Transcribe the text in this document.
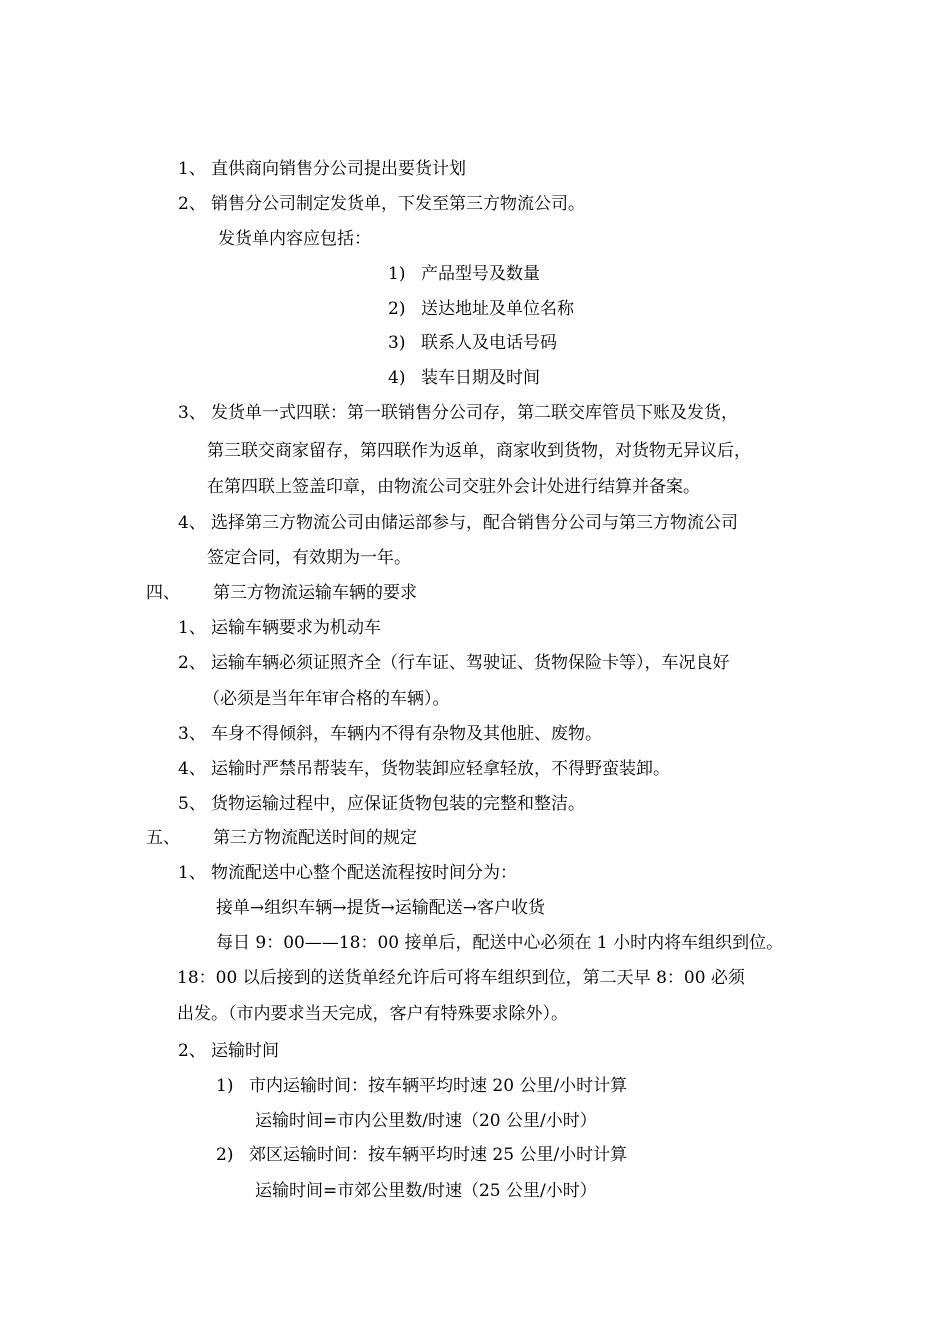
1、 直供商向销售分公司提出要货计划
2、 销售分公司制定发货单，下发至第三方物流公司。
发货单内容应包括：
1) 产品型号及数量
2) 送达地址及单位名称
3) 联系人及电话号码
4) 装车日期及时间
3、 发货单一式四联：第一联销售分公司存，第二联交库管员下账及发货，
第三联交商家留存，第四联作为返单，商家收到货物，对货物无异议后，
在第四联上签盖印章，由物流公司交驻外会计处进行结算并备案。
4、 选择第三方物流公司由储运部参与，配合销售分公司与第三方物流公司
签定合同，有效期为一年。
四、 第三方物流运输车辆的要求
1、 运输车辆要求为机动车
2、 运输车辆必须证照齐全（行车证、驾驶证、货物保险卡等），车况良好
（必须是当年年审合格的车辆）。
3、 车身不得倾斜，车辆内不得有杂物及其他脏、废物。
4、 运输时严禁吊帮装车，货物装卸应轻拿轻放，不得野蛮装卸。
5、 货物运输过程中，应保证货物包装的完整和整洁。
五、 第三方物流配送时间的规定
1、 物流配送中心整个配送流程按时间分为：
接单→组织车辆→提货→运输配送→客户收货
每日 9：00——18：00 接单后，配送中心必须在 1 小时内将车组织到位。
18：00 以后接到的送货单经允许后可将车组织到位，第二天早 8：00 必须
出发。（市内要求当天完成，客户有特殊要求除外）。
2、 运输时间
1) 市内运输时间：按车辆平均时速 20 公里/小时计算
运输时间=市内公里数/时速（20 公里/小时）
2) 郊区运输时间：按车辆平均时速 25 公里/小时计算
运输时间=市郊公里数/时速（25 公里/小时）
